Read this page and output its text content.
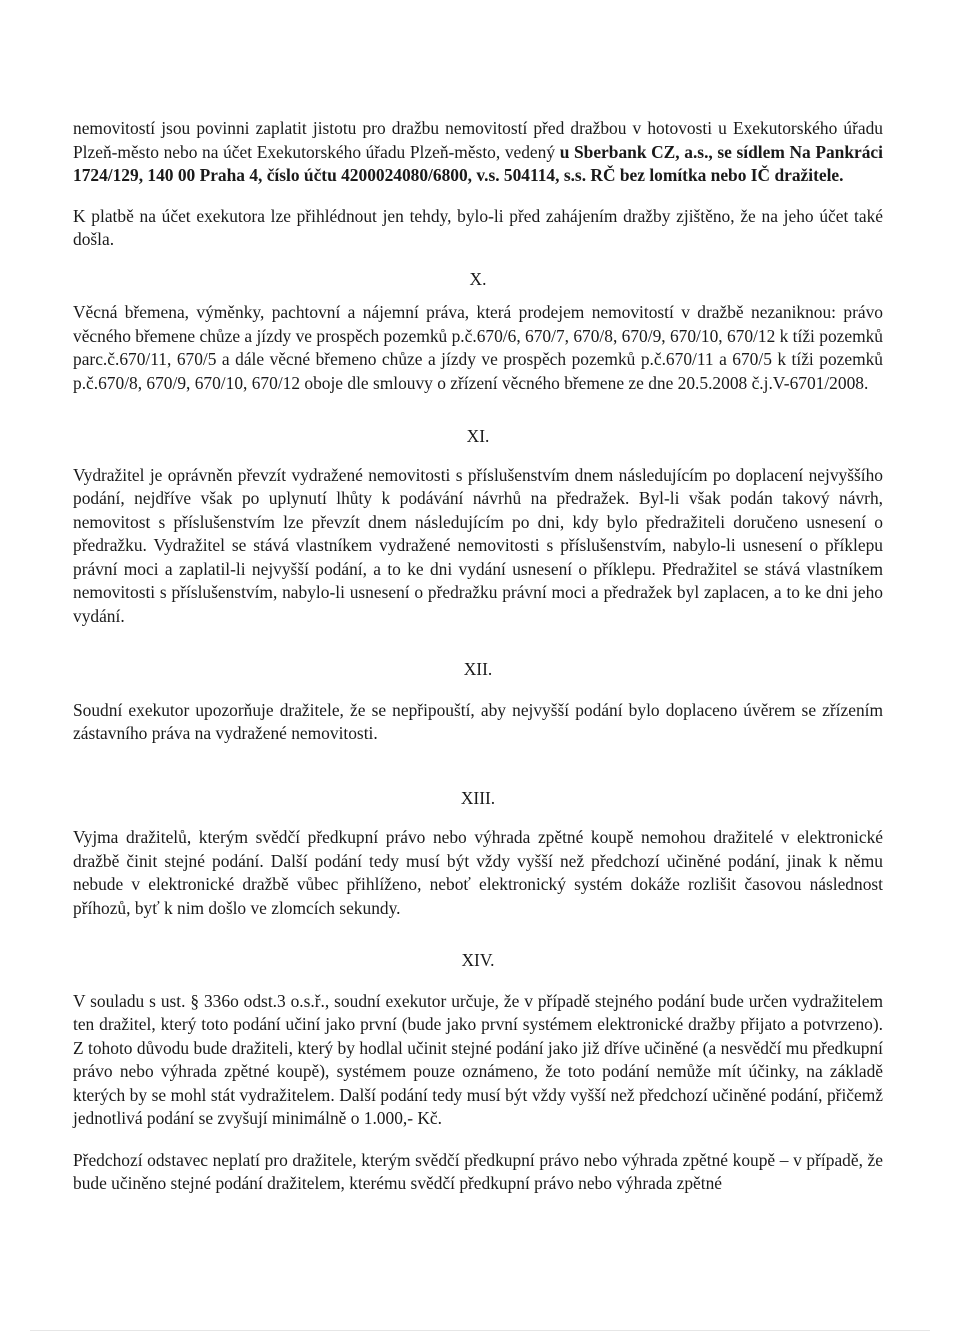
nemovitostí jsou povinni zaplatit jistotu pro dražbu nemovitostí před dražbou v hotovosti u Exekutorského úřadu Plzeň-město nebo na účet Exekutorského úřadu Plzeň-město, vedený u Sberbank CZ, a.s., se sídlem Na Pankráci 1724/129, 140 00 Praha 4, číslo účtu 4200024080/6800, v.s. 504114, s.s. RČ bez lomítka nebo IČ dražitele.

K platbě na účet exekutora lze přihlédnout jen tehdy, bylo-li před zahájením dražby zjištěno, že na jeho účet také došla.

X.

Věcná břemena, výměnky, pachtovní a nájemní práva, která prodejem nemovitostí v dražbě nezaniknou: právo věcného břemene chůze a jízdy ve prospěch pozemků p.č.670/6, 670/7, 670/8, 670/9, 670/10, 670/12 k tíži pozemků parc.č.670/11, 670/5 a dále věcné břemeno chůze a jízdy ve prospěch pozemků p.č.670/11 a 670/5 k tíži pozemků p.č.670/8, 670/9, 670/10, 670/12 oboje dle smlouvy o zřízení věcného břemene ze dne 20.5.2008 č.j.V-6701/2008.

XI.

Vydražitel je oprávněn převzít vydražené nemovitosti s příslušenstvím dnem následujícím po doplacení nejvyššího podání, nejdříve však po uplynutí lhůty k podávání návrhů na předražek. Byl-li však podán takový návrh, nemovitost s příslušenstvím lze převzít dnem následujícím po dni, kdy bylo předražiteli doručeno usnesení o předražku. Vydražitel se stává vlastníkem vydražené nemovitosti s příslušenstvím, nabylo-li usnesení o příklepu právní moci a zaplatil-li nejvyšší podání, a to ke dni vydání usnesení o příklepu. Předražitel se stává vlastníkem nemovitosti s příslušenstvím, nabylo-li usnesení o předražku právní moci a předražek byl zaplacen, a to ke dni jeho vydání.

XII.

Soudní exekutor upozorňuje dražitele, že se nepřipouští, aby nejvyšší podání bylo doplaceno úvěrem se zřízením zástavního práva na vydražené nemovitosti.

XIII.

Vyjma dražitelů, kterým svědčí předkupní právo nebo výhrada zpětné koupě nemohou dražitelé v elektronické dražbě činit stejné podání. Další podání tedy musí být vždy vyšší než předchozí učiněné podání, jinak k němu nebude v elektronické dražbě vůbec přihlíženo, neboť elektronický systém dokáže rozlišit časovou následnost příhozů, byť k nim došlo ve zlomcích sekundy.

XIV.

V souladu s ust. § 336o odst.3 o.s.ř., soudní exekutor určuje, že v případě stejného podání bude určen vydražitelem ten dražitel, který toto podání učiní jako první (bude jako první systémem elektronické dražby přijato a potvrzeno). Z tohoto důvodu bude dražiteli, který by hodlal učinit stejné podání jako již dříve učiněné (a nesvědčí mu předkupní právo nebo výhrada zpětné koupě), systémem pouze oznámeno, že toto podání nemůže mít účinky, na základě kterých by se mohl stát vydražitelem. Další podání tedy musí být vždy vyšší než předchozí učiněné podání, přičemž jednotlivá podání se zvyšují minimálně o 1.000,- Kč.

Předchozí odstavec neplatí pro dražitele, kterým svědčí předkupní právo nebo výhrada zpětné koupě – v případě, že bude učiněno stejné podání dražitelem, kterému svědčí předkupní právo nebo výhrada zpětné
